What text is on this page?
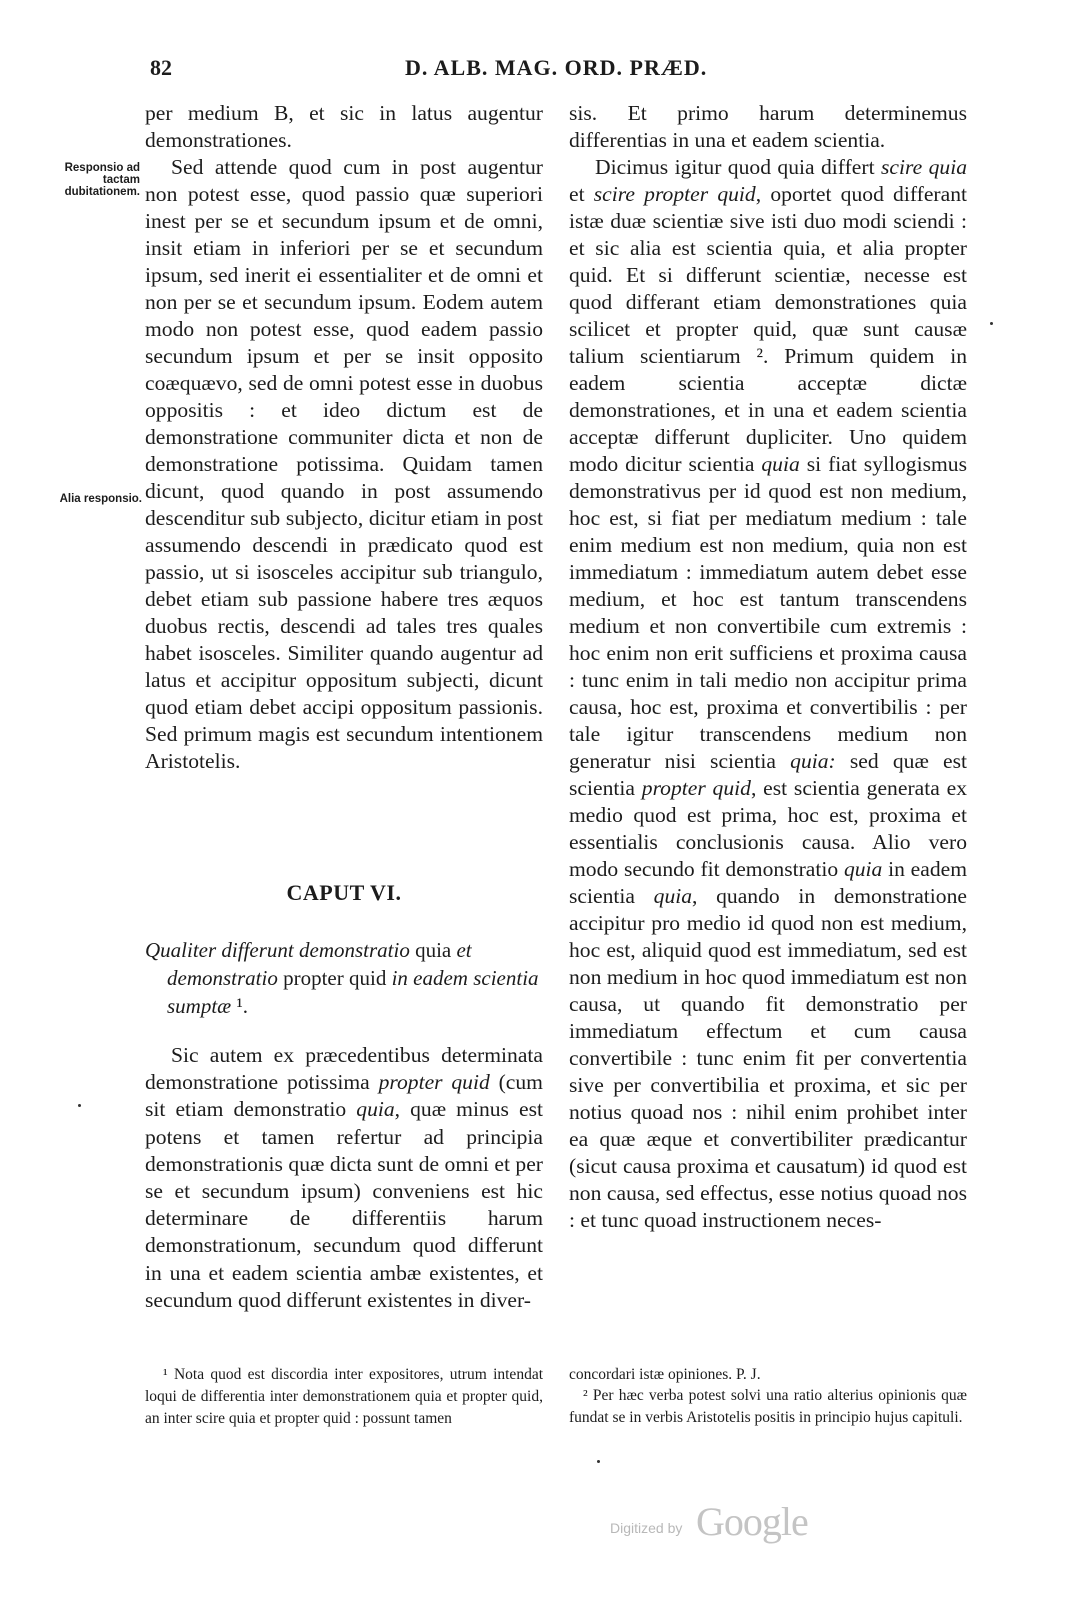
82	D. ALB. MAG. ORD. PRÆD.
Responsio ad tactam dubitationem.
Alia responsio.

per medium B, et sic in latus augentur demonstrationes.

Sed attende quod cum in post augentur non potest esse, quod passio quæ superiori inest per se et secundum ipsum et de omni, insit etiam in inferiori per se et secundum ipsum, sed inerit ei essentialiter et de omni et non per se et secundum ipsum. Eodem autem modo non potest esse, quod eadem passio secundum ipsum et per se insit opposito coæquævo, sed de omni potest esse in duobus oppositis : et ideo dictum est de demonstratione communiter dicta et non de demonstratione potissima. Quidam tamen dicunt, quod quando in post assumendo descenditur sub subjecto, dicitur etiam in post assumendo descendi in prædicato quod est passio, ut si isosceles accipitur sub triangulo, debet etiam sub passione habere tres æquos duobus rectis, descendi ad tales tres quales habet isosceles. Similiter quando augentur ad latus et accipitur oppositum subjecti, dicunt quod etiam debet accipi oppositum passionis. Sed primum magis est secundum intentionem Aristotelis.

CAPUT VI.
Qualiter differunt demonstratio quia et
demonstratio propter quid in eadem scientia sumptæ ¹.
Sic autem ex præcedentibus determinata demonstratione potissima propter quid (cum sit etiam demonstratio quia, quæ minus est potens et tamen refertur ad principia demonstrationis quæ dicta sunt de omni et per se et secundum ipsum) conveniens est hic determinare de differentiis harum demonstrationum, secundum quod differunt in una et eadem scientia ambæ existentes, et secundum quod differunt existentes in diver-

sis. Et primo harum determinemus differentias in una et eadem scientia.

Dicimus igitur quod quia differt scire quia et scire propter quid, oportet quod differant istæ duæ scientiæ sive isti duo modi sciendi : et sic alia est scientia quia, et alia propter quid. Et si differunt scientiæ, necesse est quod differant etiam demonstrationes quia scilicet et propter quid, quæ sunt causæ talium scientiarum ². Primum quidem in eadem scientia acceptæ dictæ demonstrationes, et in una et eadem scientia acceptæ differunt dupliciter. Uno quidem modo dicitur scientia quia si fiat syllogismus demonstrativus per id quod est non medium, hoc est, si fiat per mediatum medium : tale enim medium est non medium, quia non est immediatum : immediatum autem debet esse medium, et hoc est tantum transcendens medium et non convertibile cum extremis : hoc enim non erit sufficiens et proxima causa : tunc enim in tali medio non accipitur prima causa, hoc est, proxima et convertibilis : per tale igitur transcendens medium non generatur nisi scientia quia: sed quæ est scientia propter quid, est scientia generata ex medio quod est prima, hoc est, proxima et essentialis conclusionis causa. Alio vero modo secundo fit demonstratio quia in eadem scientia quia, quando in demonstratione accipitur pro medio id quod non est medium, hoc est, aliquid quod est immediatum, sed est non medium in hoc quod immediatum est non causa, ut quando fit demonstratio per immediatum effectum et cum causa convertibile : tunc enim fit per convertentia sive per convertibilia et proxima, et sic per notius quoad nos : nihil enim prohibet inter ea quæ æque et convertibiliter prædicantur (sicut causa proxima et causatum) id quod est non causa, sed effectus, esse notius quoad nos : et tunc quoad instructionem neces-

¹ Nota quod est discordia inter expositores, utrum intendat loqui de differentia inter demonstrationem quia et propter quid, an inter scire quia et propter quid : possunt tamen
concordari istæ opiniones. P. J.
² Per hæc verba potest solvi una ratio alterius opinionis quæ fundat se in verbis Aristotelis positis in principio hujus capituli.
Digitized by Google
